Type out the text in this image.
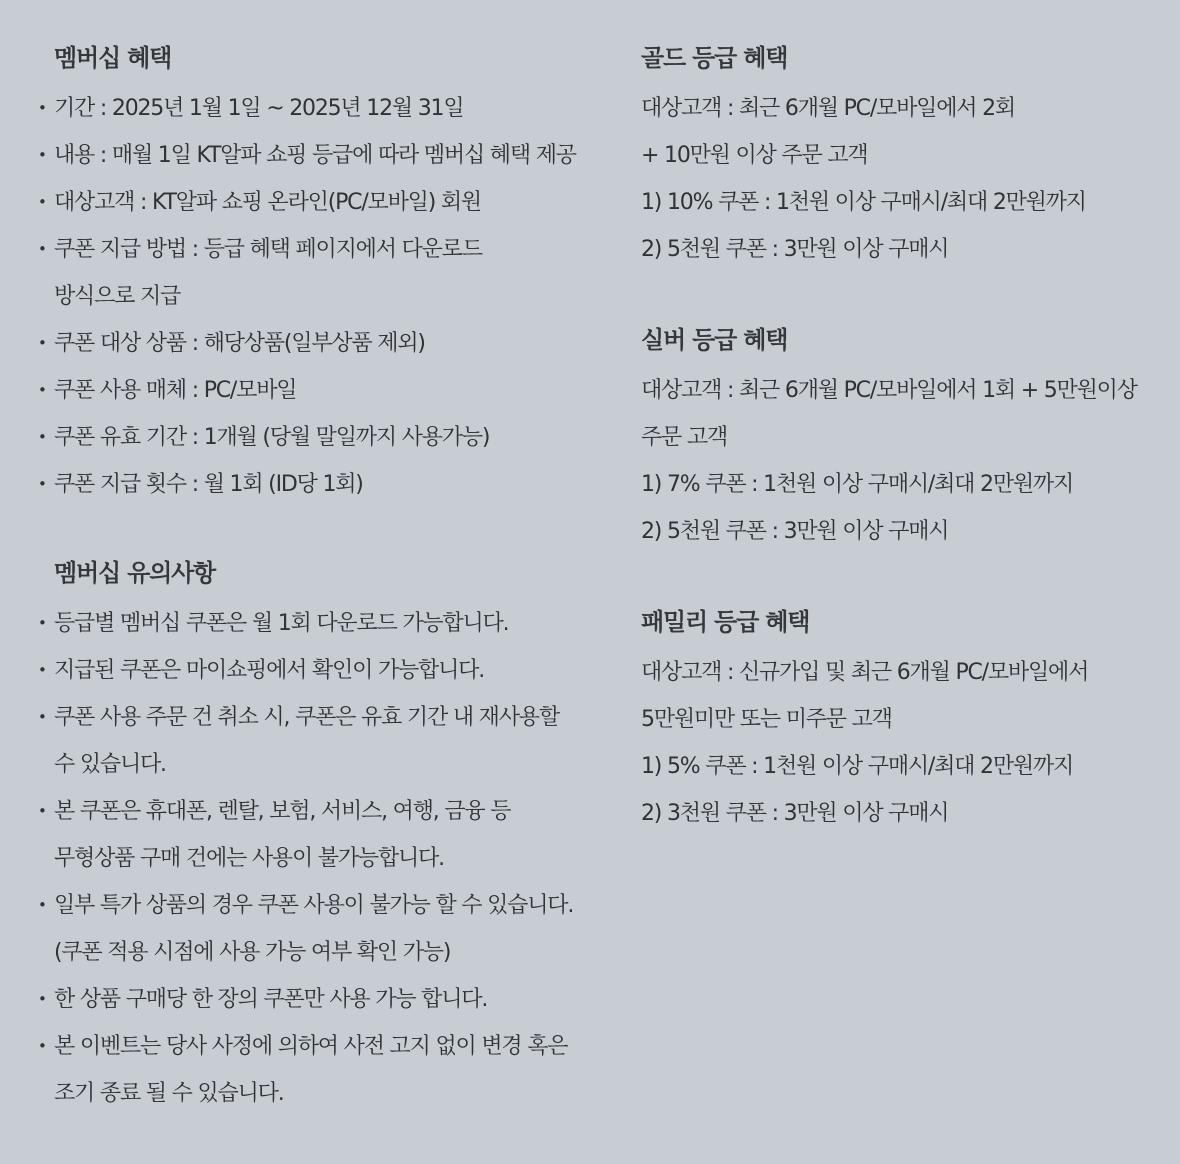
멤버십 혜택
• 기간 : 2025년 1월 1일 ~ 2025년 12월 31일
• 내용 : 매월 1일 KT알파 쇼핑 등급에 따라 멤버십 혜택 제공
• 대상고객 : KT알파 쇼핑 온라인(PC/모바일) 회원
• 쿠폰 지급 방법 : 등급 혜택 페이지에서 다운로드
방식으로 지급
• 쿠폰 대상 상품 : 해당상품(일부상품 제외)
• 쿠폰 사용 매체 : PC/모바일
• 쿠폰 유효 기간 : 1개월 (당월 말일까지 사용가능)
• 쿠폰 지급 횟수 : 월 1회 (ID당 1회)
멤버십 유의사항
• 등급별 멤버십 쿠폰은 월 1회 다운로드 가능합니다.
• 지급된 쿠폰은 마이쇼핑에서 확인이 가능합니다.
• 쿠폰 사용 주문 건 취소 시, 쿠폰은 유효 기간 내 재사용할
수 있습니다.
• 본 쿠폰은 휴대폰, 렌탈, 보험, 서비스, 여행, 금융 등
무형상품 구매 건에는 사용이 불가능합니다.
• 일부 특가 상품의 경우 쿠폰 사용이 불가능 할 수 있습니다.
(쿠폰 적용 시점에 사용 가능 여부 확인 가능)
• 한 상품 구매당 한 장의 쿠폰만 사용 가능 합니다.
• 본 이벤트는 당사 사정에 의하여 사전 고지 없이 변경 혹은
조기 종료 될 수 있습니다.
골드 등급 혜택
대상고객 : 최근 6개월 PC/모바일에서 2회
+ 10만원 이상 주문 고객
1) 10% 쿠폰 : 1천원 이상 구매시/최대 2만원까지
2) 5천원 쿠폰 : 3만원 이상 구매시
실버 등급 혜택
대상고객 : 최근 6개월 PC/모바일에서 1회 + 5만원이상
주문 고객
1) 7% 쿠폰 : 1천원 이상 구매시/최대 2만원까지
2) 5천원 쿠폰 : 3만원 이상 구매시
패밀리 등급 혜택
대상고객 : 신규가입 및 최근 6개월 PC/모바일에서
5만원미만 또는 미주문 고객
1) 5% 쿠폰 : 1천원 이상 구매시/최대 2만원까지
2) 3천원 쿠폰 : 3만원 이상 구매시
